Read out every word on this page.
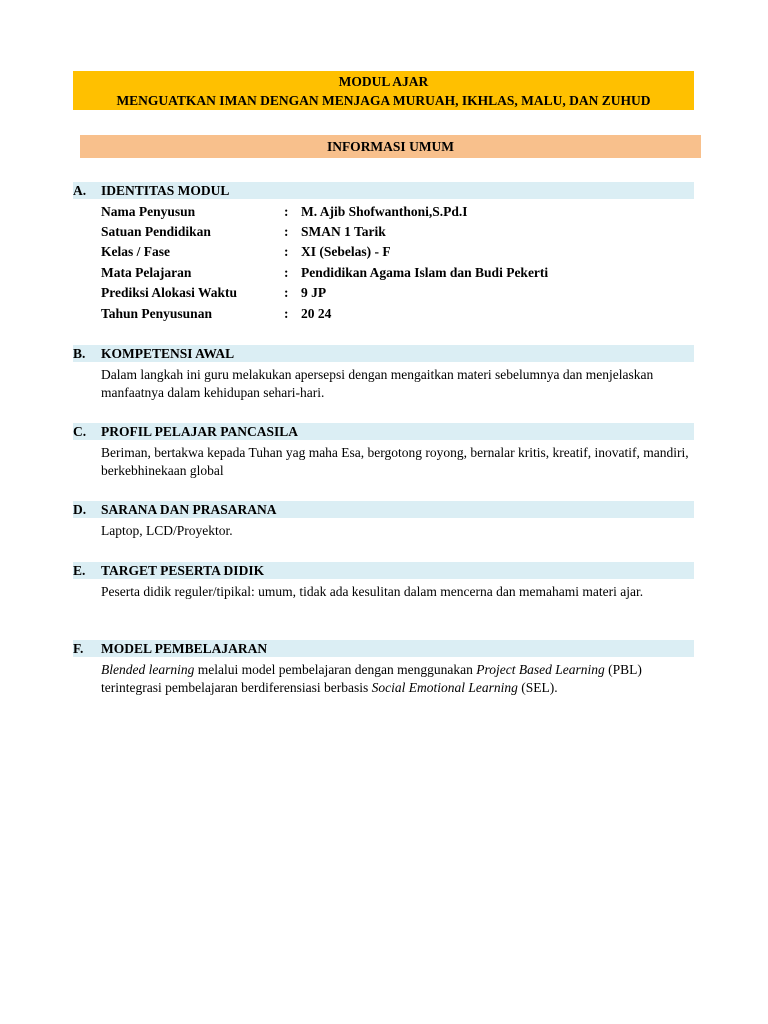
MODUL AJAR
MENGUATKAN IMAN DENGAN MENJAGA MURUAH, IKHLAS, MALU, DAN ZUHUD
INFORMASI UMUM
A. IDENTITAS MODUL
Nama Penyusun	: M. Ajib Shofwanthoni,S.Pd.I
Satuan Pendidikan	: SMAN 1 Tarik
Kelas / Fase	: XI (Sebelas) - F
Mata Pelajaran	: Pendidikan Agama Islam dan Budi Pekerti
Prediksi Alokasi Waktu	: 9 JP
Tahun Penyusunan	: 20 24
B. KOMPETENSI AWAL
Dalam langkah ini guru melakukan apersepsi dengan mengaitkan materi sebelumnya dan menjelaskan manfaatnya dalam kehidupan sehari-hari.
C. PROFIL PELAJAR PANCASILA
Beriman, bertakwa kepada Tuhan yag maha Esa, bergotong royong, bernalar kritis, kreatif, inovatif, mandiri, berkebhinekaan global
D. SARANA DAN PRASARANA
Laptop, LCD/Proyektor.
E. TARGET PESERTA DIDIK
Peserta didik reguler/tipikal: umum, tidak ada kesulitan dalam mencerna dan memahami materi ajar.
F. MODEL PEMBELAJARAN
Blended learning melalui model pembelajaran dengan menggunakan Project Based Learning (PBL) terintegrasi pembelajaran berdiferensiasi berbasis Social Emotional Learning (SEL).
